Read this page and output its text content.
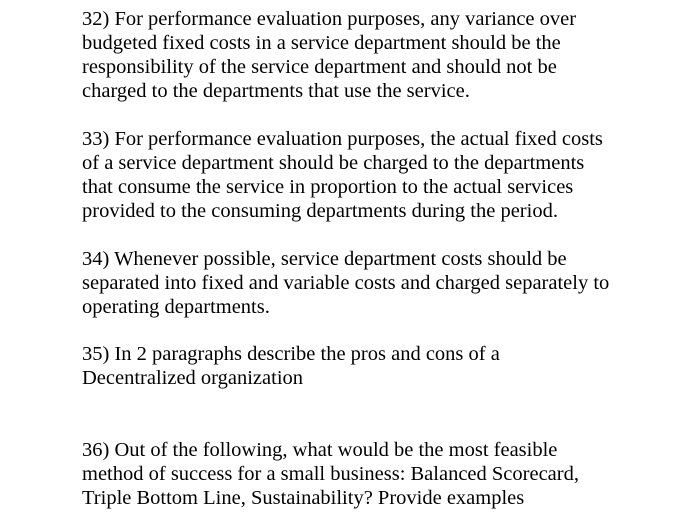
32) For performance evaluation purposes, any variance over
budgeted fixed costs in a service department should be the
responsibility of the service department and should not be
charged to the departments that use the service.

33) For performance evaluation purposes, the actual fixed costs
of a service department should be charged to the departments
that consume the service in proportion to the actual services
provided to the consuming departments during the period.

34) Whenever possible, service department costs should be
separated into fixed and variable costs and charged separately to
operating departments.

35) In 2 paragraphs describe the pros and cons of a
Decentralized organization

36) Out of the following, what would be the most feasible
method of success for a small business: Balanced Scorecard,
Triple Bottom Line, Sustainability? Provide examples
